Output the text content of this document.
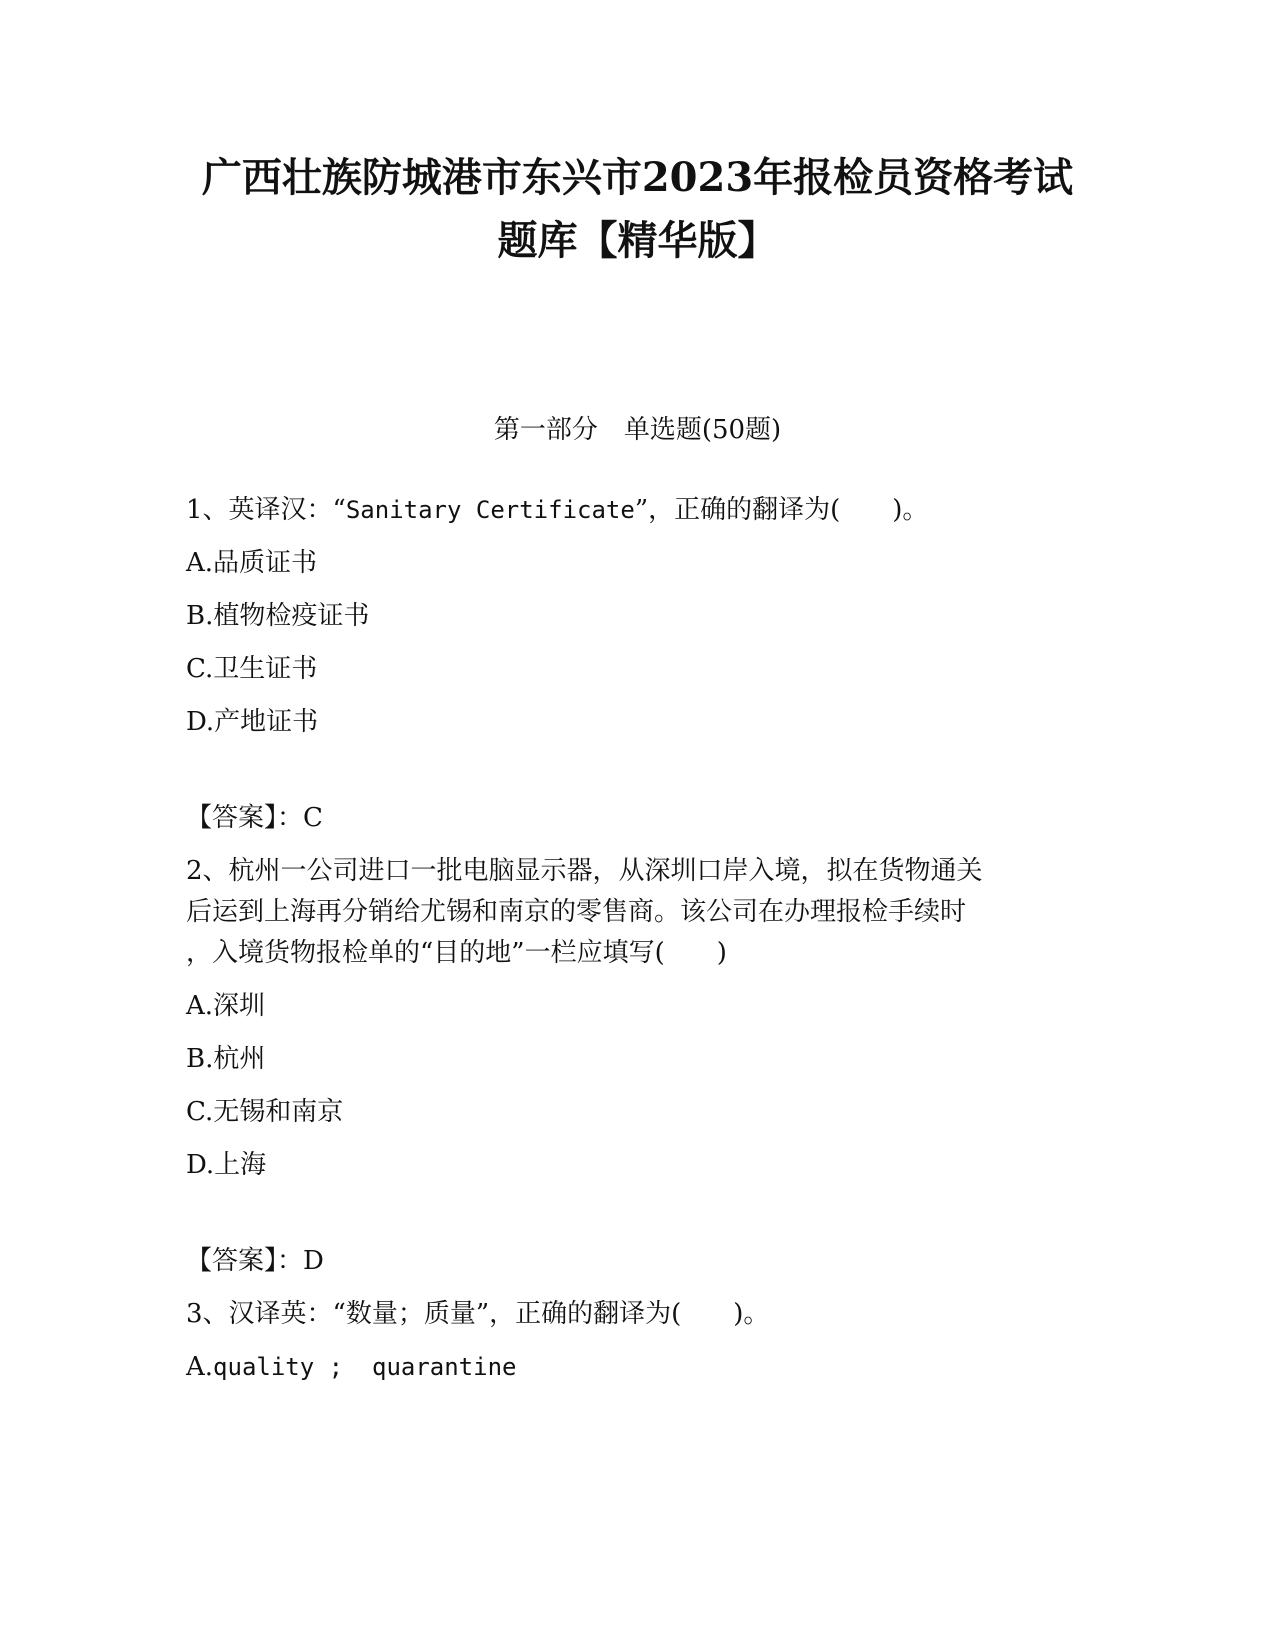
广西壮族防城港市东兴市2023年报检员资格考试
题库【精华版】
第一部分　单选题(50题)
1、英译汉：“Sanitary Certificate”，正确的翻译为(　　)。
A.品质证书
B.植物检疫证书
C.卫生证书
D.产地证书
【答案】：C
2、杭州一公司进口一批电脑显示器，从深圳口岸入境，拟在货物通关
后运到上海再分销给尤锡和南京的零售商。该公司在办理报检手续时
，入境货物报检单的“目的地”一栏应填写(　　)
A.深圳
B.杭州
C.无锡和南京
D.上海
【答案】：D
3、汉译英：“数量；质量”，正确的翻译为(　　)。
A.quality ;  quarantine
